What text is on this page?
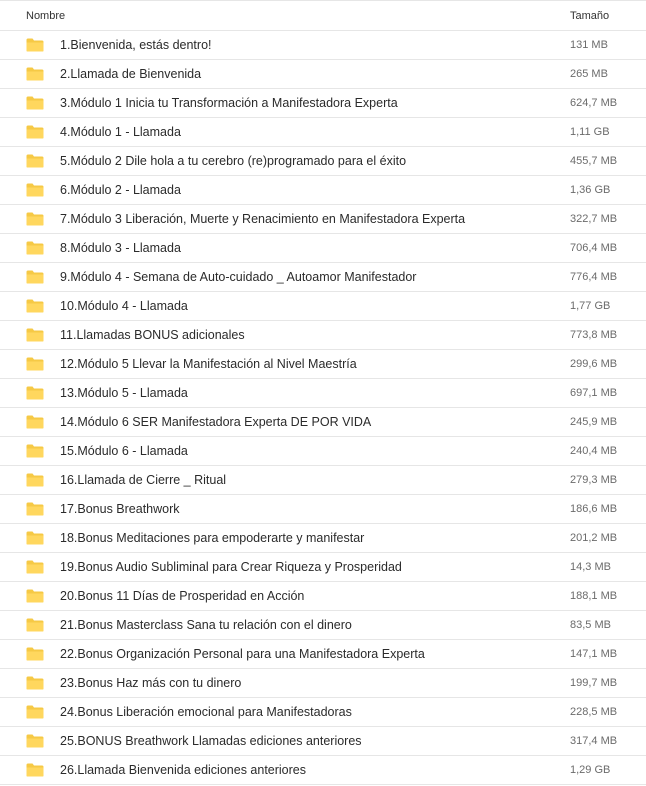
Nombre	Tamaño
1.Bienvenida, estás dentro!	131 MB
2.Llamada de Bienvenida	265 MB
3.Módulo 1 Inicia tu Transformación a Manifestadora Experta	624,7 MB
4.Módulo 1 - Llamada	1,11 GB
5.Módulo 2 Dile hola a tu cerebro (re)programado para el éxito	455,7 MB
6.Módulo 2 - Llamada	1,36 GB
7.Módulo 3 Liberación, Muerte y Renacimiento en Manifestadora Experta	322,7 MB
8.Módulo 3 - Llamada	706,4 MB
9.Módulo 4 - Semana de Auto-cuidado _ Autoamor Manifestador	776,4 MB
10.Módulo 4 - Llamada	1,77 GB
11.Llamadas BONUS adicionales	773,8 MB
12.Módulo 5 Llevar la Manifestación al Nivel Maestría	299,6 MB
13.Módulo 5 - Llamada	697,1 MB
14.Módulo 6 SER Manifestadora Experta DE POR VIDA	245,9 MB
15.Módulo 6 - Llamada	240,4 MB
16.Llamada de Cierre _ Ritual	279,3 MB
17.Bonus Breathwork	186,6 MB
18.Bonus Meditaciones para empoderarte y manifestar	201,2 MB
19.Bonus Audio Subliminal para Crear Riqueza y Prosperidad	14,3 MB
20.Bonus 11 Días de Prosperidad en Acción	188,1 MB
21.Bonus Masterclass Sana tu relación con el dinero	83,5 MB
22.Bonus Organización Personal para una Manifestadora Experta	147,1 MB
23.Bonus Haz más con tu dinero	199,7 MB
24.Bonus Liberación emocional para Manifestadoras	228,5 MB
25.BONUS Breathwork Llamadas ediciones anteriores	317,4 MB
26.Llamada Bienvenida ediciones anteriores	1,29 GB
